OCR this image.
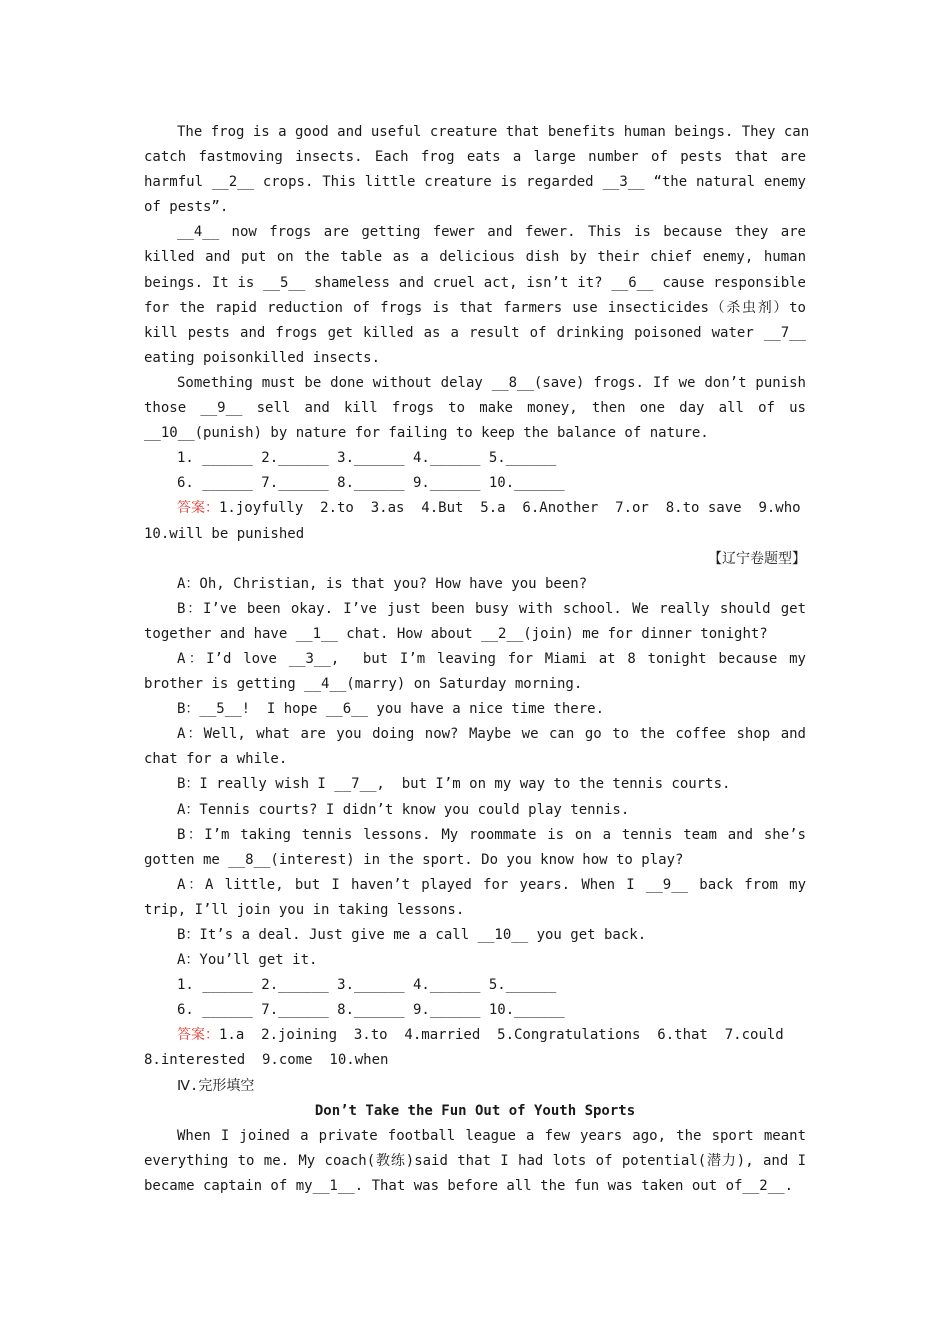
The frog is a good and useful creature that benefits human beings. They can
catch fastmoving insects. Each frog eats a large number of pests that are
harmful __2__ crops. This little creature is regarded __3__ “the natural enemy
of pests”.
__4__ now frogs are getting fewer and fewer. This is because they are
killed and put on the table as a delicious dish by their chief enemy, human
beings. It is __5__ shameless and cruel act, isn’t it? __6__ cause responsible
for the rapid reduction of frogs is that farmers use insecticides（杀虫剂）to
kill pests and frogs get killed as a result of drinking poisoned water __7__
eating poisonkilled insects.
Something must be done without delay __8__(save) frogs. If we don’t punish
those __9__ sell and kill frogs to make money, then one day all of us
__10__(punish) by nature for failing to keep the balance of nature.
1. ______ 2.______ 3.______ 4.______ 5.______
6. ______ 7.______ 8.______ 9.______ 10.______
答案：1.joyfully  2.to  3.as  4.But  5.a  6.Another  7.or  8.to save  9.who
10.will be punished
【辽宁卷题型】
A：Oh, Christian, is that you? How have you been?
B：I’ve been okay. I’ve just been busy with school. We really should get
together and have __1__ chat. How about __2__(join) me for dinner tonight?
A：I’d love __3__,  but I’m leaving for Miami at 8 tonight because my
brother is getting __4__(marry) on Saturday morning.
B：__5__!  I hope __6__ you have a nice time there.
A：Well, what are you doing now? Maybe we can go to the coffee shop and
chat for a while.
B：I really wish I __7__,  but I’m on my way to the tennis courts.
A：Tennis courts? I didn’t know you could play tennis.
B：I’m taking tennis lessons. My roommate is on a tennis team and she’s
gotten me __8__(interest) in the sport. Do you know how to play?
A：A little, but I haven’t played for years. When I __9__ back from my
trip, I’ll join you in taking lessons.
B：It’s a deal. Just give me a call __10__ you get back.
A：You’ll get it.
1. ______ 2.______ 3.______ 4.______ 5.______
6. ______ 7.______ 8.______ 9.______ 10.______
答案：1.a  2.joining  3.to  4.married  5.Congratulations  6.that  7.could
8.interested  9.come  10.when
Ⅳ.完形填空
Don’t Take the Fun Out of Youth Sports
When I joined a private football league a few years ago, the sport meant
everything to me. My coach(教练)said that I had lots of potential(潜力), and I
became captain of my__1__. That was before all the fun was taken out of__2__.
